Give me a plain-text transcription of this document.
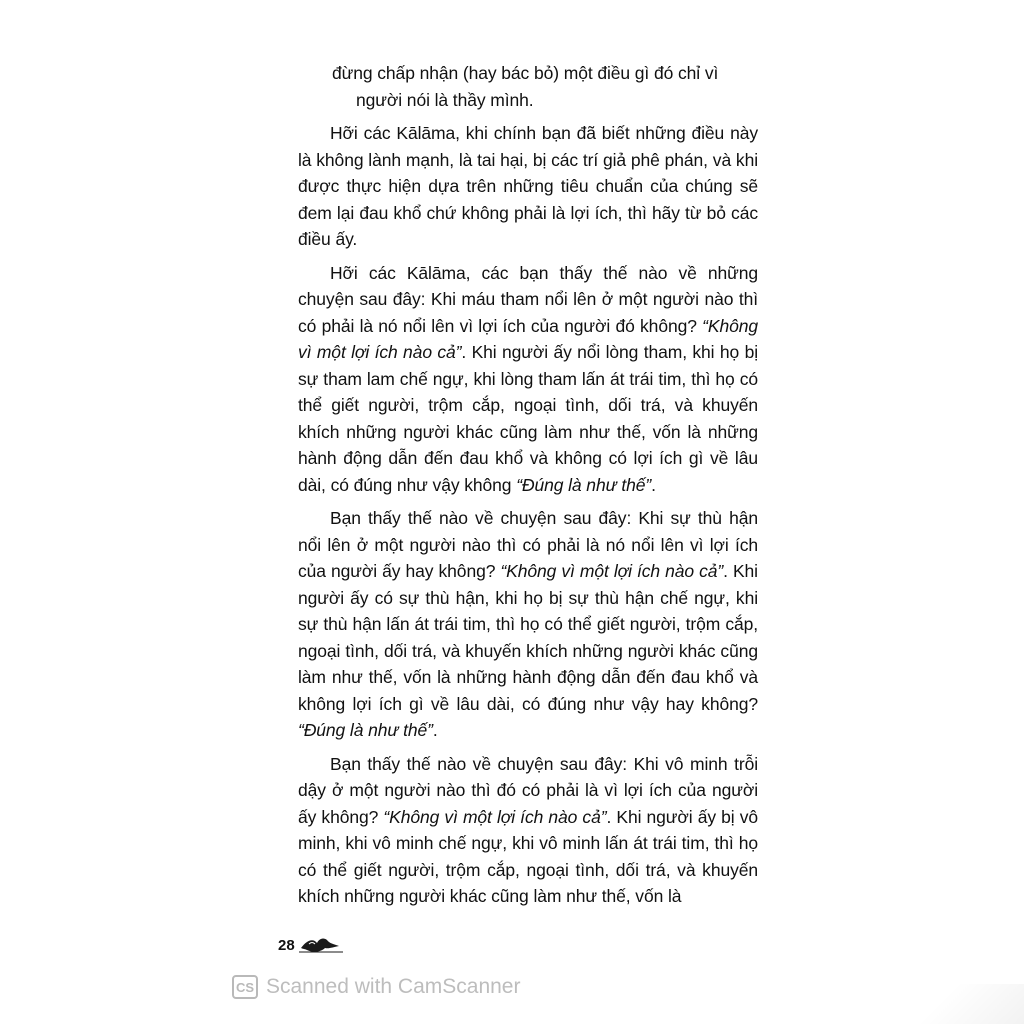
đừng chấp nhận (hay bác bỏ) một điều gì đó chỉ vì
người nói là thầy mình.

Hỡi các Kālāma, khi chính bạn đã biết những điều này là không lành mạnh, là tai hại, bị các trí giả phê phán, và khi được thực hiện dựa trên những tiêu chuẩn của chúng sẽ đem lại đau khổ chứ không phải là lợi ích, thì hãy từ bỏ các điều ấy.

Hỡi các Kālāma, các bạn thấy thế nào về những chuyện sau đây: Khi máu tham nổi lên ở một người nào thì có phải là nó nổi lên vì lợi ích của người đó không? “Không vì một lợi ích nào cả”. Khi người ấy nổi lòng tham, khi họ bị sự tham lam chế ngự, khi lòng tham lấn át trái tim, thì họ có thể giết người, trộm cắp, ngoại tình, dối trá, và khuyến khích những người khác cũng làm như thế, vốn là những hành động dẫn đến đau khổ và không có lợi ích gì về lâu dài, có đúng như vậy không “Đúng là như thế”.

Bạn thấy thế nào về chuyện sau đây: Khi sự thù hận nổi lên ở một người nào thì có phải là nó nổi lên vì lợi ích của người ấy hay không? “Không vì một lợi ích nào cả”. Khi người ấy có sự thù hận, khi họ bị sự thù hận chế ngự, khi sự thù hận lấn át trái tim, thì họ có thể giết người, trộm cắp, ngoại tình, dối trá, và khuyến khích những người khác cũng làm như thế, vốn là những hành động dẫn đến đau khổ và không lợi ích gì về lâu dài, có đúng như vậy hay không? “Đúng là như thế”.

Bạn thấy thế nào về chuyện sau đây: Khi vô minh trỗi dậy ở một người nào thì đó có phải là vì lợi ích của người ấy không? “Không vì một lợi ích nào cả”. Khi người ấy bị vô minh, khi vô minh chế ngự, khi vô minh lấn át trái tim, thì họ có thể giết người, trộm cắp, ngoại tình, dối trá, và khuyến khích những người khác cũng làm như thế, vốn là

28
CS Scanned with CamScanner
